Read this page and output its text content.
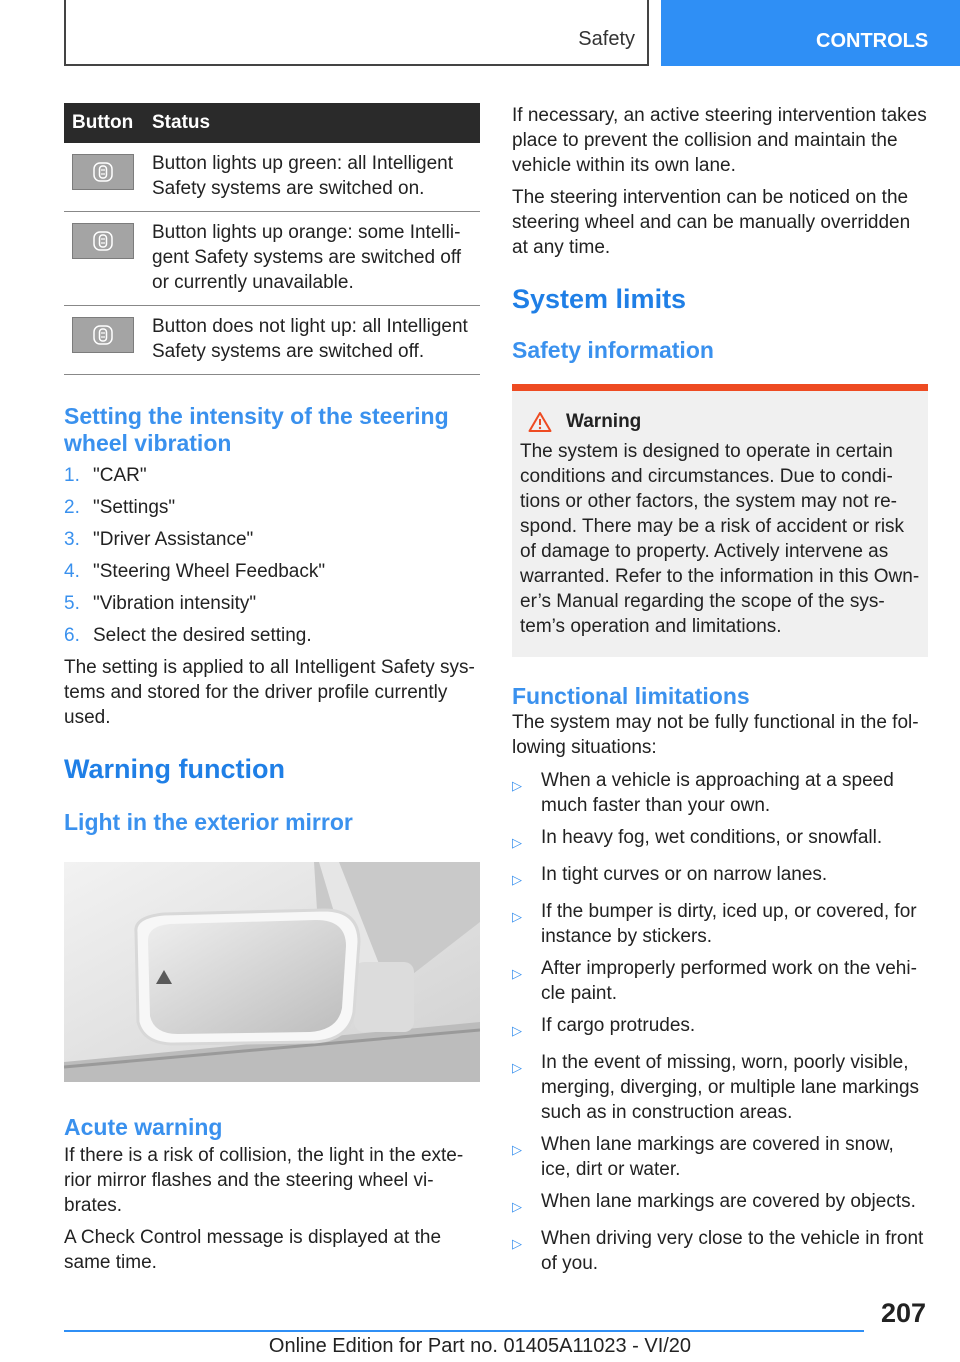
Safety	CONTROLS
Button	Status

	Button lights up green: all Intelligent Safety systems are switched on.

	Button lights up orange: some Intelli-gent Safety systems are switched off or currently unavailable.

	Button does not light up: all Intelligent Safety systems are switched off.
Setting the intensity of the steering wheel vibration
1. "CAR"
2. "Settings"
3. "Driver Assistance"
4. "Steering Wheel Feedback"
5. "Vibration intensity"
6. Select the desired setting.

The setting is applied to all Intelligent Safety sys-tems and stored for the driver profile currently used.

Warning function
Light in the exterior mirror
Acute warning

If there is a risk of collision, the light in the exte-rior mirror flashes and the steering wheel vi-brates.

A Check Control message is displayed at the same time.

If necessary, an active steering intervention takes place to prevent the collision and maintain the vehicle within its own lane.

The steering intervention can be noticed on the steering wheel and can be manually overridden at any time.

System limits
Safety information
Warning

The system is designed to operate in certain conditions and circumstances. Due to condi-tions or other factors, the system may not re-spond. There may be a risk of accident or risk of damage to property. Actively intervene as warranted. Refer to the information in this Own-er’s Manual regarding the scope of the sys-tem’s operation and limitations.

Functional limitations

The system may not be fully functional in the fol-lowing situations:

▷	When a vehicle is approaching at a speed much faster than your own.
▷	In heavy fog, wet conditions, or snowfall.
▷	In tight curves or on narrow lanes.
▷	If the bumper is dirty, iced up, or covered, for instance by stickers.
▷	After improperly performed work on the vehi-cle paint.
▷	If cargo protrudes.
▷	In the event of missing, worn, poorly visible, merging, diverging, or multiple lane markings such as in construction areas.
▷	When lane markings are covered in snow, ice, dirt or water.
▷	When lane markings are covered by objects.
▷	When driving very close to the vehicle in front of you.
207
Online Edition for Part no. 01405A11023 - VI/20
